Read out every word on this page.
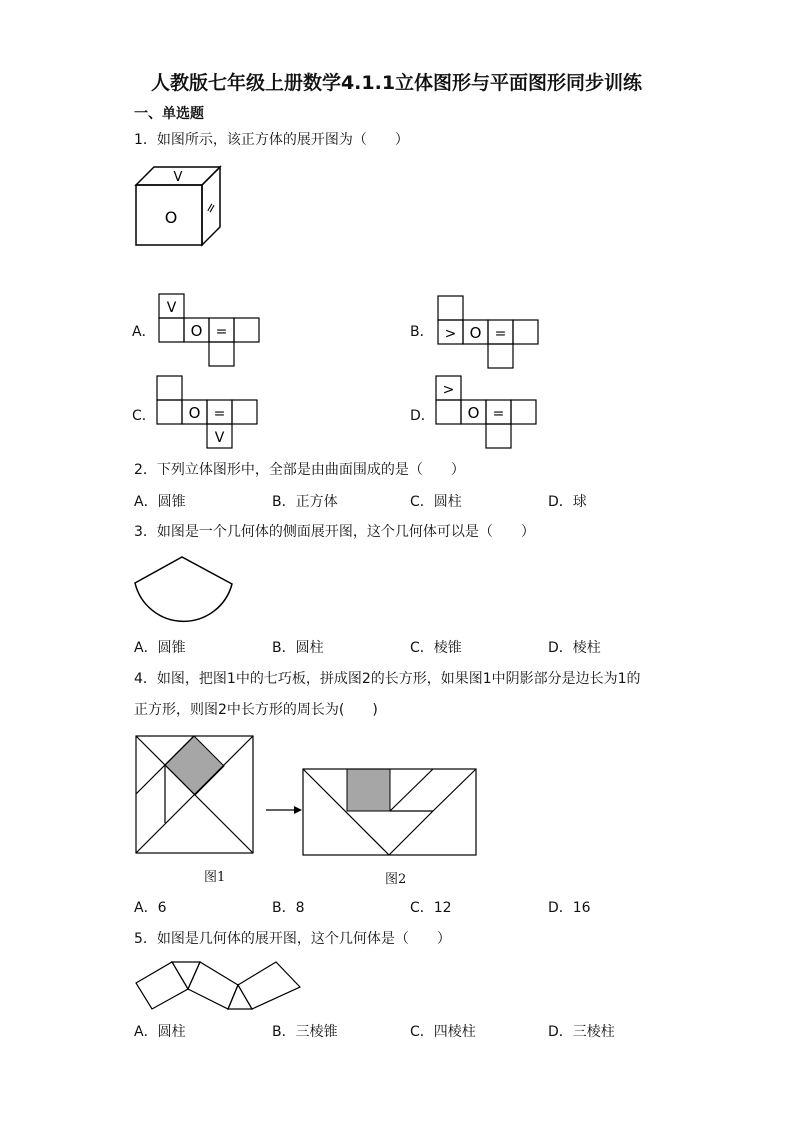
人教版七年级上册数学4.1.1立体图形与平面图形同步训练
一、单选题
1．如图所示，该正方体的展开图为（　　）
V
O =
A．
V
O =	B． > O =
C． O =
V
D．
>
O =
2．下列立体图形中，全部是由曲面围成的是（　　）
A．圆锥	B．正方体	C．圆柱	D．球
3．如图是一个几何体的侧面展开图，这个几何体可以是（　　）
A．圆锥	B．圆柱	C．棱锥	D．棱柱
4．如图，把图1中的七巧板，拼成图2的长方形，如果图1中阴影部分是边长为1的
正方形，则图2中长方形的周长为(　　)
图1	图2
A．6	B．8	C．12	D．16
5．如图是几何体的展开图，这个几何体是（　　）
A．圆柱	B．三棱锥	C．四棱柱	D．三棱柱
